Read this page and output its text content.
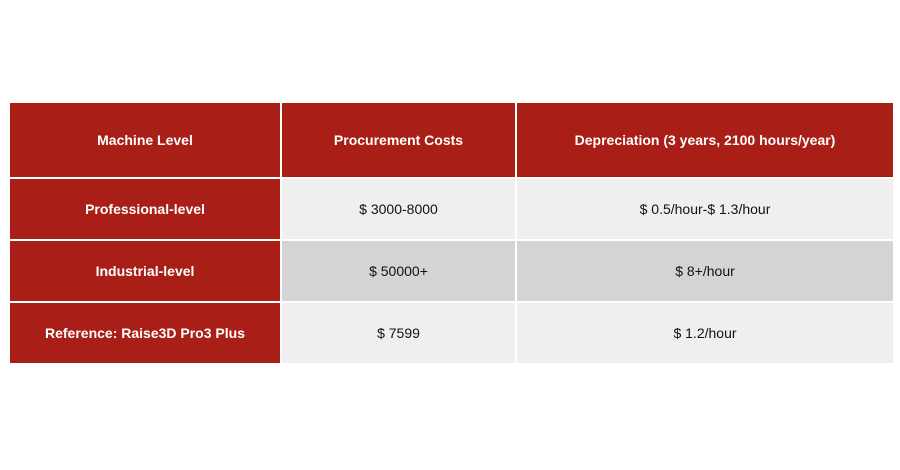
Machine Level	Procurement Costs	Depreciation (3 years, 2100 hours/year)
Professional-level	$ 3000-8000	$ 0.5/hour-$ 1.3/hour
Industrial-level	$ 50000+	$ 8+/hour
Reference: Raise3D Pro3 Plus	$ 7599	$ 1.2/hour
